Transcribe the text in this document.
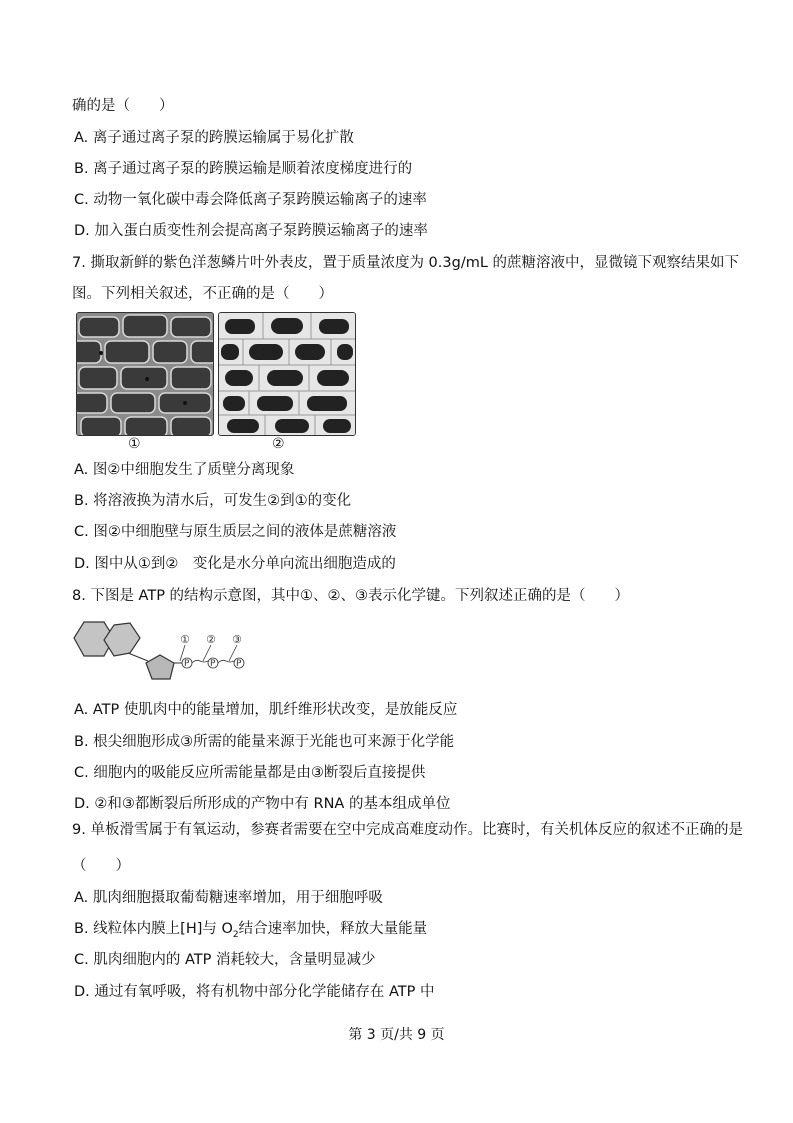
确的是（　　）
A. 离子通过离子泵的跨膜运输属于易化扩散
B. 离子通过离子泵的跨膜运输是顺着浓度梯度进行的
C. 动物一氧化碳中毒会降低离子泵跨膜运输离子的速率
D. 加入蛋白质变性剂会提高离子泵跨膜运输离子的速率
7. 撕取新鲜的紫色洋葱鳞片叶外表皮，置于质量浓度为 0.3g/mL 的蔗糖溶液中，显微镜下观察结果如下
图。下列相关叙述，不正确的是（　　）
①	②
A. 图②中细胞发生了质壁分离现象
B. 将溶液换为清水后，可发生②到①的变化
C. 图②中细胞壁与原生质层之间的液体是蔗糖溶液
D. 图中从①到②　变化是水分单向流出细胞造成的
8. 下图是 ATP 的结构示意图，其中①、②、③表示化学键。下列叙述正确的是（　　）
P P P
① ② ③
A. ATP 使肌肉中的能量增加，肌纤维形状改变，是放能反应
B. 根尖细胞形成③所需的能量来源于光能也可来源于化学能
C. 细胞内的吸能反应所需能量都是由③断裂后直接提供
D. ②和③都断裂后所形成的产物中有 RNA 的基本组成单位
9. 单板滑雪属于有氧运动，参赛者需要在空中完成高难度动作。比赛时，有关机体反应的叙述不正确的是
（　　）
A. 肌肉细胞摄取葡萄糖速率增加，用于细胞呼吸
B. 线粒体内膜上[H]与 $O_2$结合速率加快，释放大量能量
C. 肌肉细胞内的 ATP 消耗较大，含量明显减少
D. 通过有氧呼吸，将有机物中部分化学能储存在 ATP 中
第 3 页/共 9 页
